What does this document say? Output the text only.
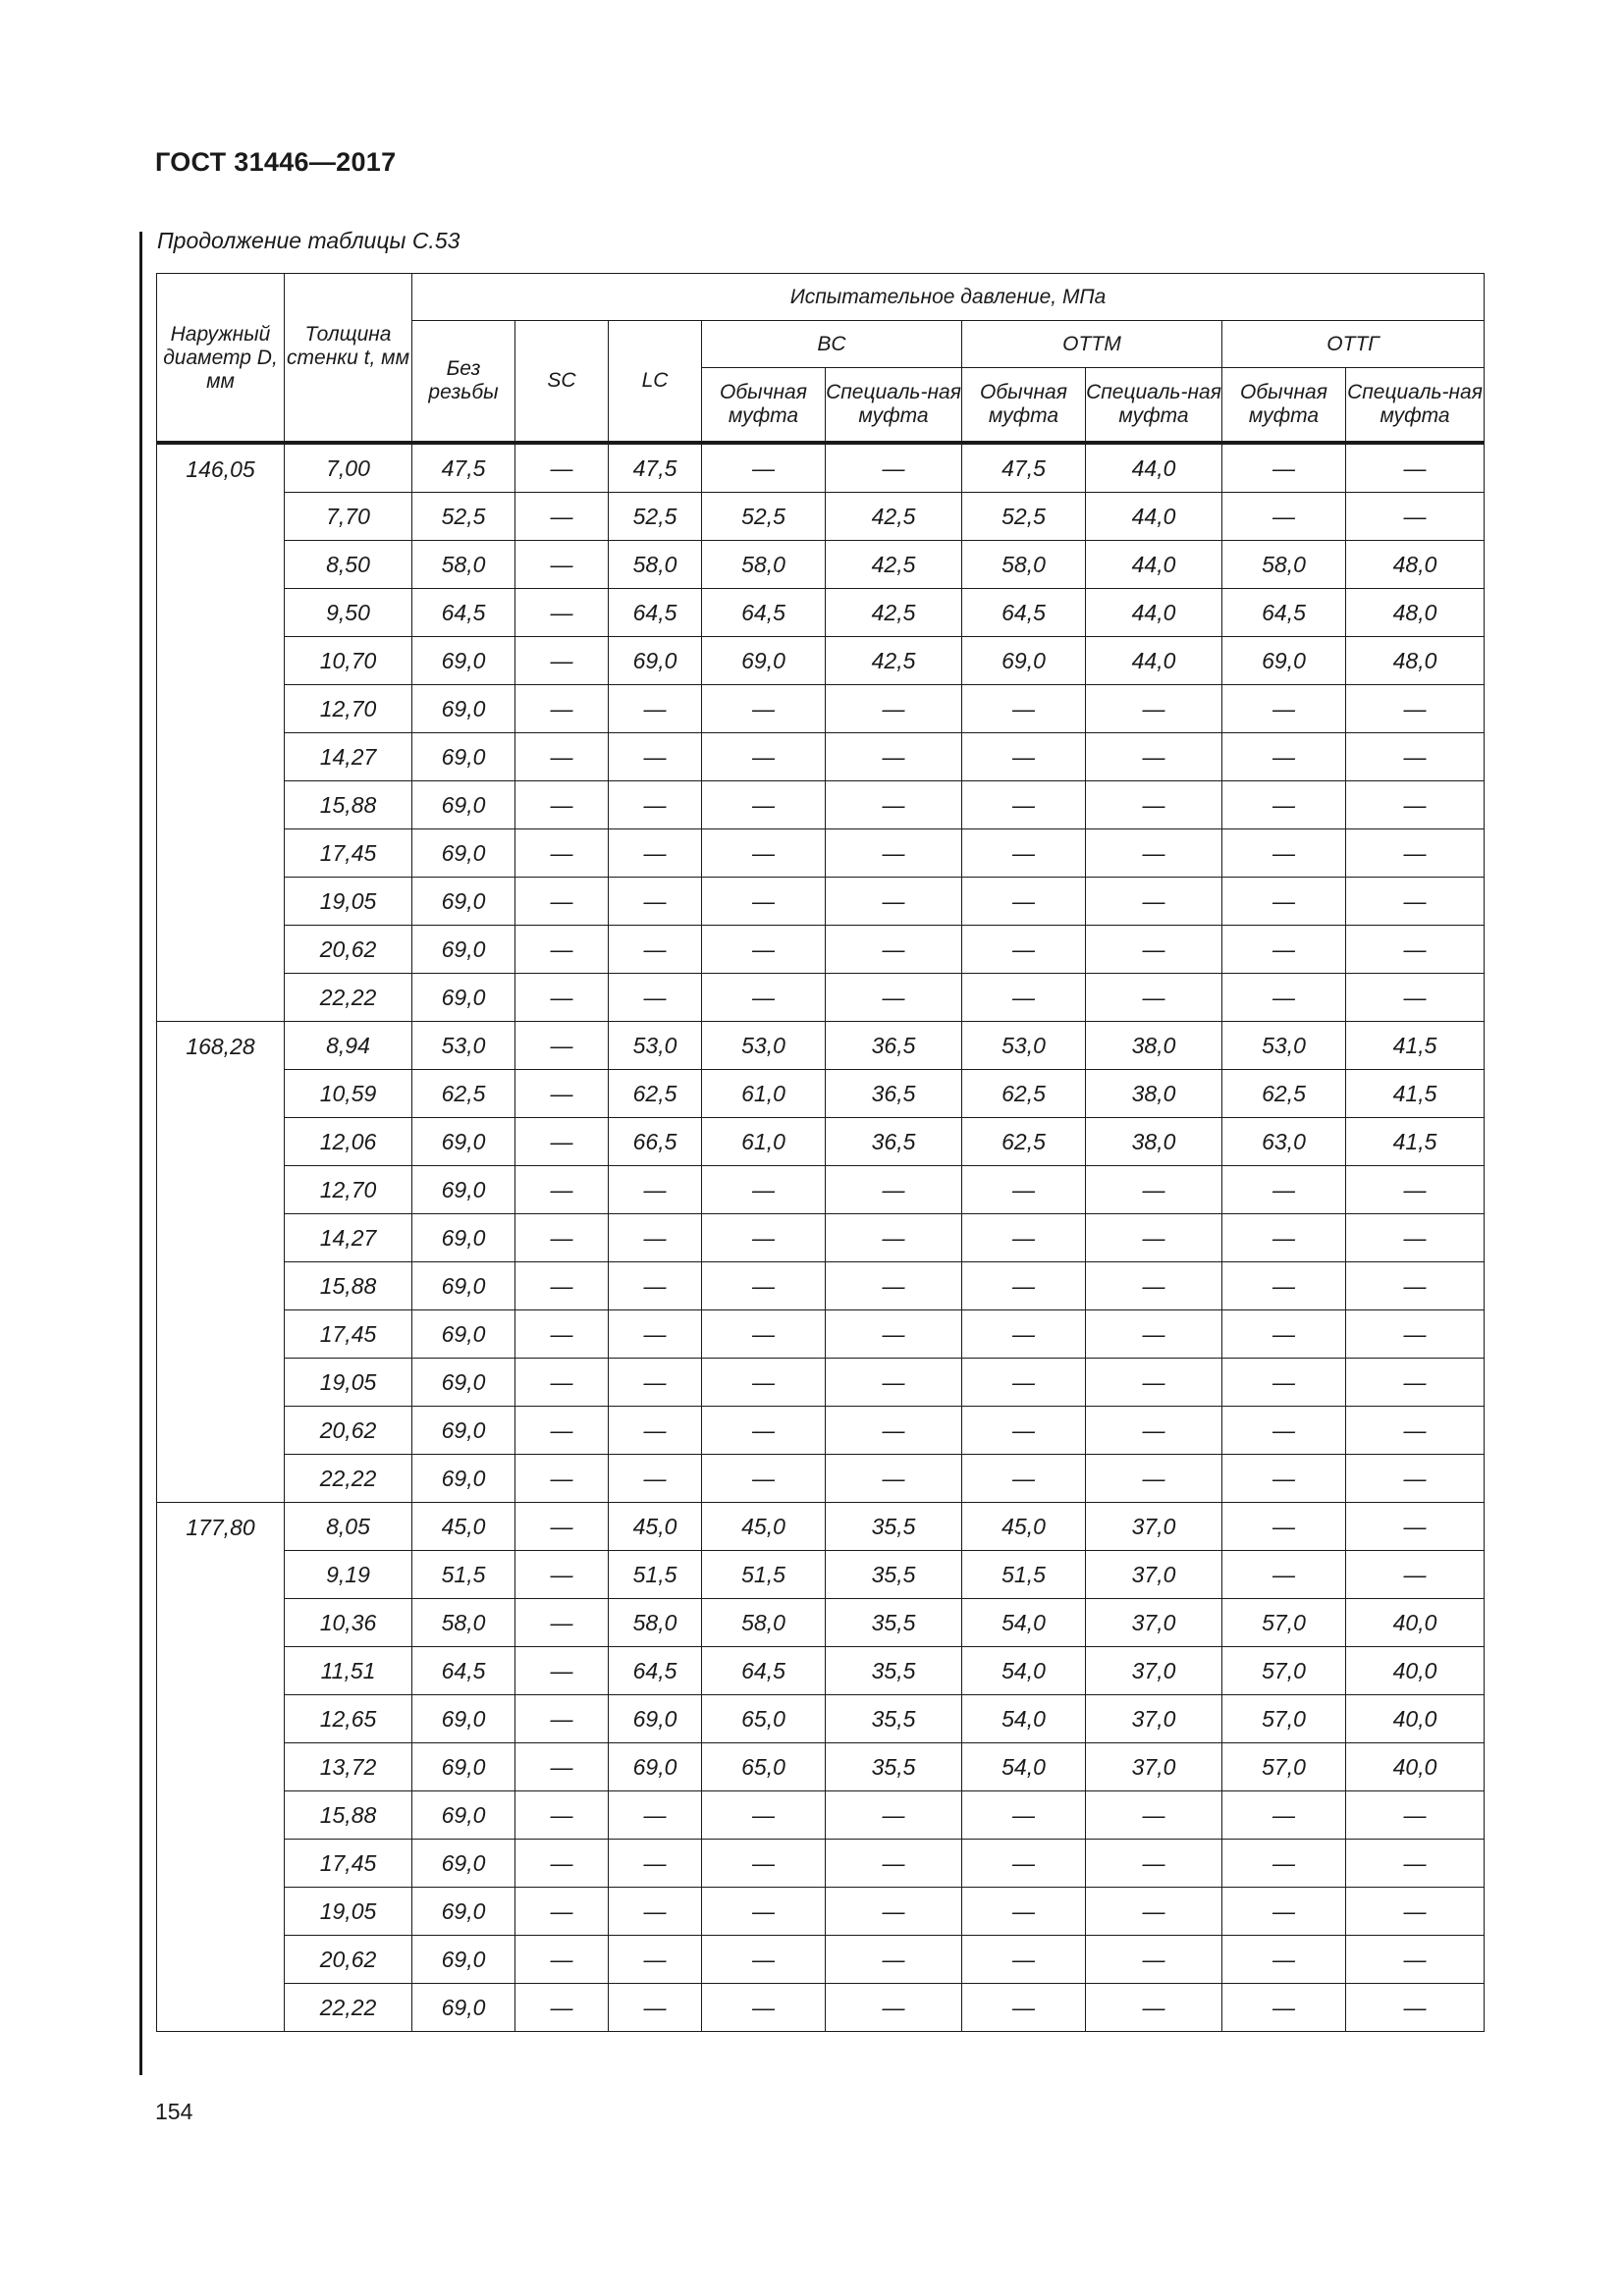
ГОСТ 31446—2017
Продолжение таблицы С.53
Наружный диаметр D, мм	Толщина стенки t, мм	Испытательное давление, МПа								
		Без резьбы	SC	LC	BC		ОТТМ		ОТТГ	
					Обычная муфта	Специаль-ная муфта	Обычная муфта	Специаль-ная муфта	Обычная муфта	Специаль-ная муфта
146,05	7,00	47,5	—	47,5	—	—	47,5	44,0	—	—
	7,70	52,5	—	52,5	52,5	42,5	52,5	44,0	—	—
	8,50	58,0	—	58,0	58,0	42,5	58,0	44,0	58,0	48,0
	9,50	64,5	—	64,5	64,5	42,5	64,5	44,0	64,5	48,0
	10,70	69,0	—	69,0	69,0	42,5	69,0	44,0	69,0	48,0
	12,70	69,0	—	—	—	—	—	—	—	—
	14,27	69,0	—	—	—	—	—	—	—	—
	15,88	69,0	—	—	—	—	—	—	—	—
	17,45	69,0	—	—	—	—	—	—	—	—
	19,05	69,0	—	—	—	—	—	—	—	—
	20,62	69,0	—	—	—	—	—	—	—	—
	22,22	69,0	—	—	—	—	—	—	—	—
168,28	8,94	53,0	—	53,0	53,0	36,5	53,0	38,0	53,0	41,5
	10,59	62,5	—	62,5	61,0	36,5	62,5	38,0	62,5	41,5
	12,06	69,0	—	66,5	61,0	36,5	62,5	38,0	63,0	41,5
	12,70	69,0	—	—	—	—	—	—	—	—
	14,27	69,0	—	—	—	—	—	—	—	—
	15,88	69,0	—	—	—	—	—	—	—	—
	17,45	69,0	—	—	—	—	—	—	—	—
	19,05	69,0	—	—	—	—	—	—	—	—
	20,62	69,0	—	—	—	—	—	—	—	—
	22,22	69,0	—	—	—	—	—	—	—	—
177,80	8,05	45,0	—	45,0	45,0	35,5	45,0	37,0	—	—
	9,19	51,5	—	51,5	51,5	35,5	51,5	37,0	—	—
	10,36	58,0	—	58,0	58,0	35,5	54,0	37,0	57,0	40,0
	11,51	64,5	—	64,5	64,5	35,5	54,0	37,0	57,0	40,0
	12,65	69,0	—	69,0	65,0	35,5	54,0	37,0	57,0	40,0
	13,72	69,0	—	69,0	65,0	35,5	54,0	37,0	57,0	40,0
	15,88	69,0	—	—	—	—	—	—	—	—
	17,45	69,0	—	—	—	—	—	—	—	—
	19,05	69,0	—	—	—	—	—	—	—	—
	20,62	69,0	—	—	—	—	—	—	—	—
	22,22	69,0	—	—	—	—	—	—	—	—
154
